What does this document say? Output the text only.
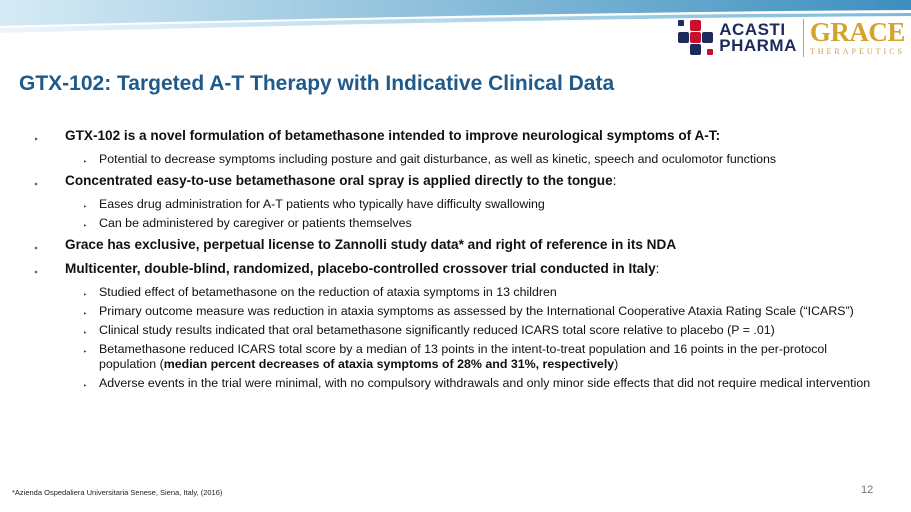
ACASTI
PHARMA GRACE
THERAPEUTICS
GTX-102: Targeted A-T Therapy with Indicative Clinical Data
‣ GTX-102 is a novel formulation of betamethasone intended to improve neurological symptoms of A-T:
‣ Potential to decrease symptoms including posture and gait disturbance, as well as kinetic, speech and oculomotor functions
‣ Concentrated easy-to-use betamethasone oral spray is applied directly to the tongue:
‣ Eases drug administration for A-T patients who typically have difficulty swallowing
‣ Can be administered by caregiver or patients themselves
‣ Grace has exclusive, perpetual license to Zannolli study data* and right of reference in its NDA
‣ Multicenter, double-blind, randomized, placebo-controlled crossover trial conducted in Italy:
‣ Studied effect of betamethasone on the reduction of ataxia symptoms in 13 children
‣ Primary outcome measure was reduction in ataxia symptoms as assessed by the International Cooperative Ataxia Rating Scale (“ICARS”)
‣ Clinical study results indicated that oral betamethasone significantly reduced ICARS total score relative to placebo (P = .01)
‣ Betamethasone reduced ICARS total score by a median of 13 points in the intent-to-treat population and 16 points in the per-protocol population (median percent decreases of ataxia symptoms of 28% and 31%, respectively)
‣ Adverse events in the trial were minimal, with no compulsory withdrawals and only minor side effects that did not require medical intervention
*Azienda Ospedaliera Universitaria Senese, Siena, Italy, (2016)	12
